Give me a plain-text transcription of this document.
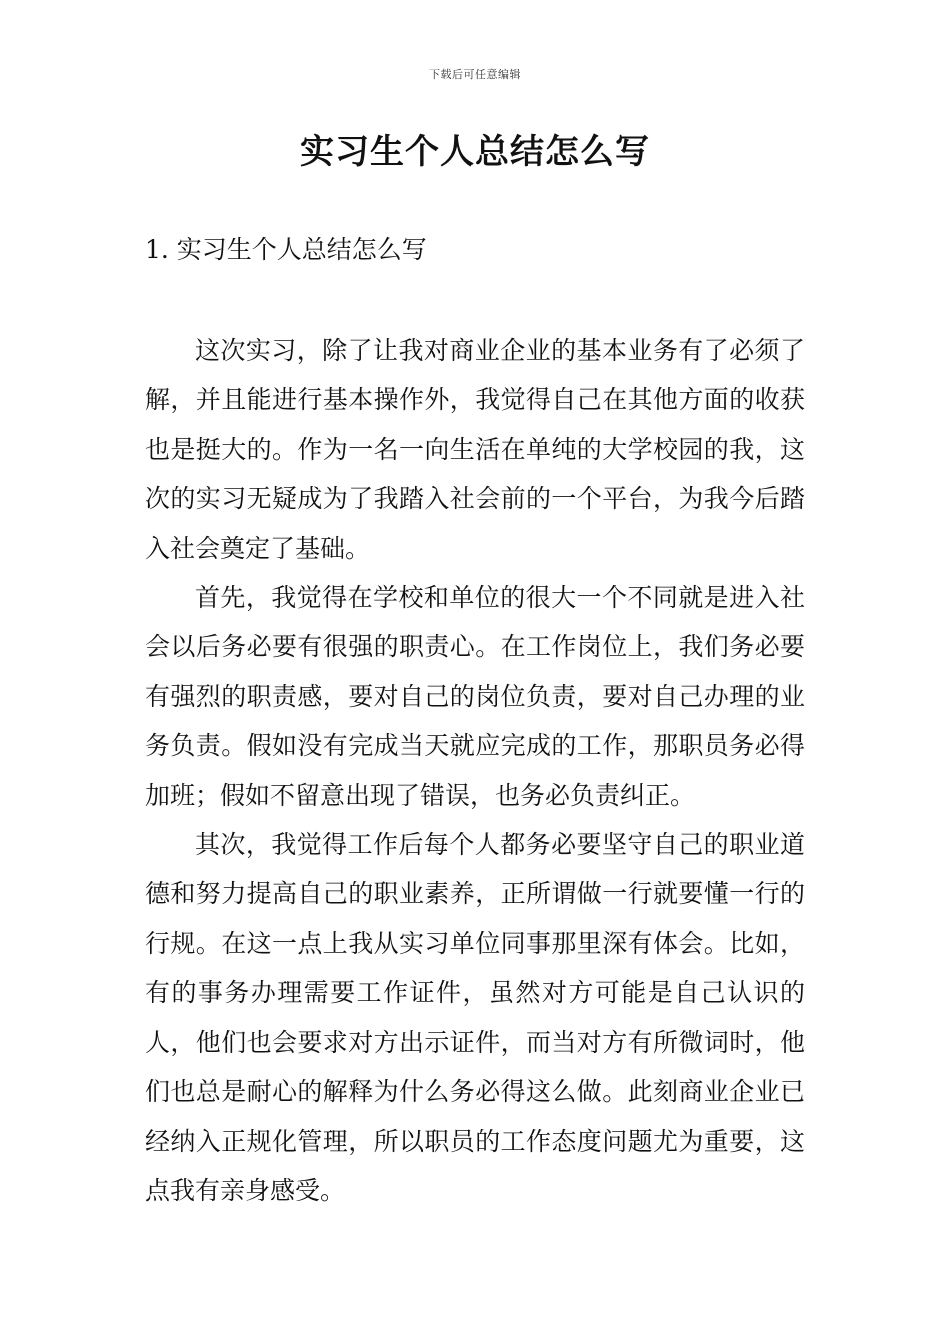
下载后可任意编辑
实习生个人总结怎么写
1. 实习生个人总结怎么写

这次实习，除了让我对商业企业的基本业务有了必须了解，并且能进行基本操作外，我觉得自己在其他方面的收获也是挺大的。作为一名一向生活在单纯的大学校园的我，这次的实习无疑成为了我踏入社会前的一个平台，为我今后踏入社会奠定了基础。

首先，我觉得在学校和单位的很大一个不同就是进入社会以后务必要有很强的职责心。在工作岗位上，我们务必要有强烈的职责感，要对自己的岗位负责，要对自己办理的业务负责。假如没有完成当天就应完成的工作，那职员务必得加班；假如不留意出现了错误，也务必负责纠正。

其次，我觉得工作后每个人都务必要坚守自己的职业道德和努力提高自己的职业素养，正所谓做一行就要懂一行的行规。在这一点上我从实习单位同事那里深有体会。比如，有的事务办理需要工作证件，虽然对方可能是自己认识的人，他们也会要求对方出示证件，而当对方有所微词时，他们也总是耐心的解释为什么务必得这么做。此刻商业企业已经纳入正规化管理，所以职员的工作态度问题尤为重要，这点我有亲身感受。
